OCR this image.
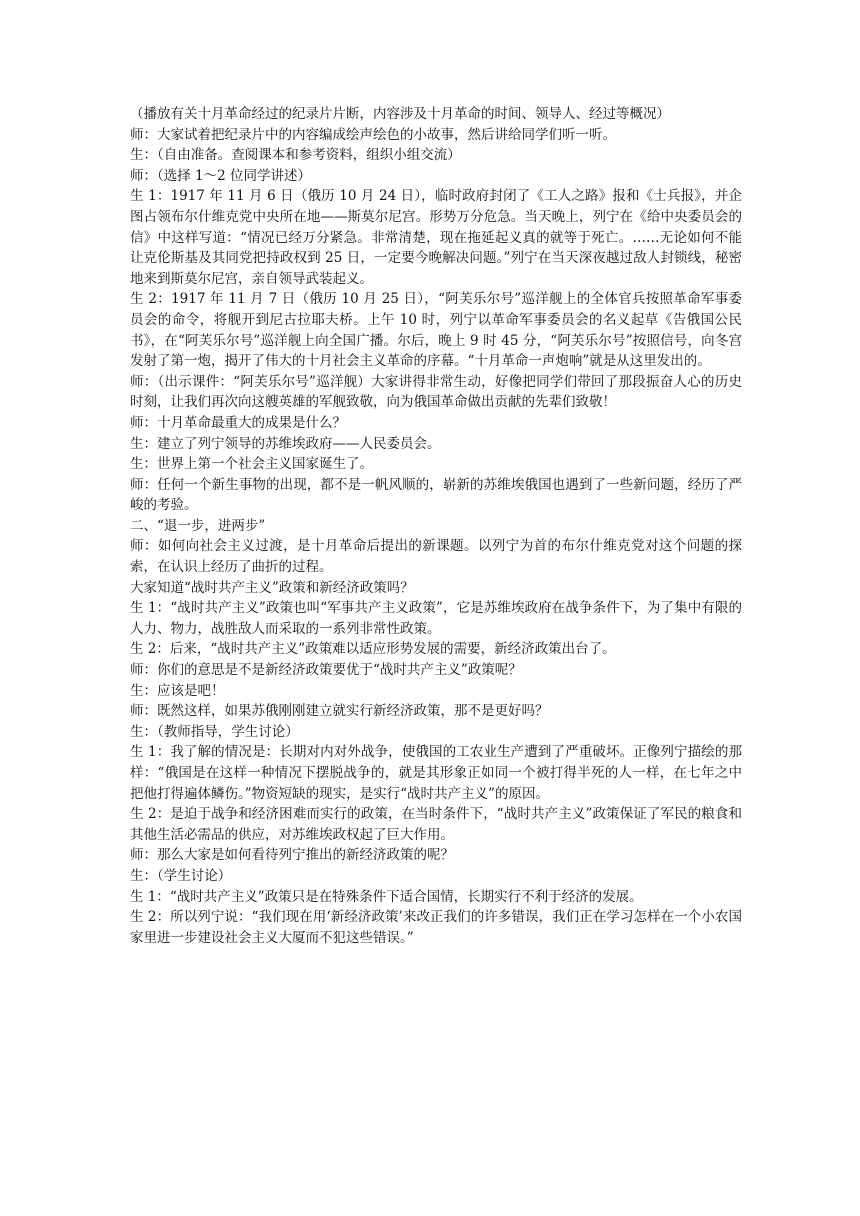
（播放有关十月革命经过的纪录片片断，内容涉及十月革命的时间、领导人、经过等概况）

师：大家试着把纪录片中的内容编成绘声绘色的小故事，然后讲给同学们听一听。

生：（自由准备。查阅课本和参考资料，组织小组交流）

师：（选择 1～2 位同学讲述）

生 1：1917 年 11 月 6 日（俄历 10 月 24 日），临时政府封闭了《工人之路》报和《士兵报》，并企图占领布尔什维克党中央所在地——斯莫尔尼宫。形势万分危急。当天晚上，列宁在《给中央委员会的信》中这样写道：“情况已经万分紧急。非常清楚，现在拖延起义真的就等于死亡。……无论如何不能让克伦斯基及其同党把持政权到 25 日，一定要今晚解决问题。”列宁在当天深夜越过敌人封锁线，秘密地来到斯莫尔尼宫，亲自领导武装起义。

生 2：1917 年 11 月 7 日（俄历 10 月 25 日），“阿芙乐尔号”巡洋舰上的全体官兵按照革命军事委员会的命令，将舰开到尼古拉耶夫桥。上午 10 时，列宁以革命军事委员会的名义起草《告俄国公民书》，在“阿芙乐尔号”巡洋舰上向全国广播。尔后，晚上 9 时 45 分，“阿芙乐尔号”按照信号，向冬宫发射了第一炮，揭开了伟大的十月社会主义革命的序幕。“十月革命一声炮响”就是从这里发出的。

师：（出示课件：“阿芙乐尔号”巡洋舰）大家讲得非常生动，好像把同学们带回了那段振奋人心的历史时刻，让我们再次向这艘英雄的军舰致敬，向为俄国革命做出贡献的先辈们致敬！

师：十月革命最重大的成果是什么？

生：建立了列宁领导的苏维埃政府——人民委员会。

生：世界上第一个社会主义国家诞生了。

师：任何一个新生事物的出现，都不是一帆风顺的，崭新的苏维埃俄国也遇到了一些新问题，经历了严峻的考验。

二、“退一步，进两步”

师：如何向社会主义过渡，是十月革命后提出的新课题。以列宁为首的布尔什维克党对这个问题的探索，在认识上经历了曲折的过程。

大家知道“战时共产主义”政策和新经济政策吗？

生 1：“战时共产主义”政策也叫“军事共产主义政策”，它是苏维埃政府在战争条件下，为了集中有限的人力、物力，战胜敌人而采取的一系列非常性政策。

生 2：后来，“战时共产主义”政策难以适应形势发展的需要，新经济政策出台了。

师：你们的意思是不是新经济政策要优于“战时共产主义”政策呢？

生：应该是吧！

师：既然这样，如果苏俄刚刚建立就实行新经济政策，那不是更好吗？

生：（教师指导，学生讨论）

生 1：我了解的情况是：长期对内对外战争，使俄国的工农业生产遭到了严重破坏。正像列宁描绘的那样：“俄国是在这样一种情况下摆脱战争的，就是其形象正如同一个被打得半死的人一样，在七年之中把他打得遍体鳞伤。”物资短缺的现实，是实行“战时共产主义”的原因。

生 2：是迫于战争和经济困难而实行的政策，在当时条件下，“战时共产主义”政策保证了军民的粮食和其他生活必需品的供应，对苏维埃政权起了巨大作用。

师：那么大家是如何看待列宁推出的新经济政策的呢？

生：（学生讨论）

生 1：“战时共产主义”政策只是在特殊条件下适合国情，长期实行不利于经济的发展。

生 2：所以列宁说：“我们现在用‘新经济政策’来改正我们的许多错误，我们正在学习怎样在一个小农国家里进一步建设社会主义大厦而不犯这些错误。”
